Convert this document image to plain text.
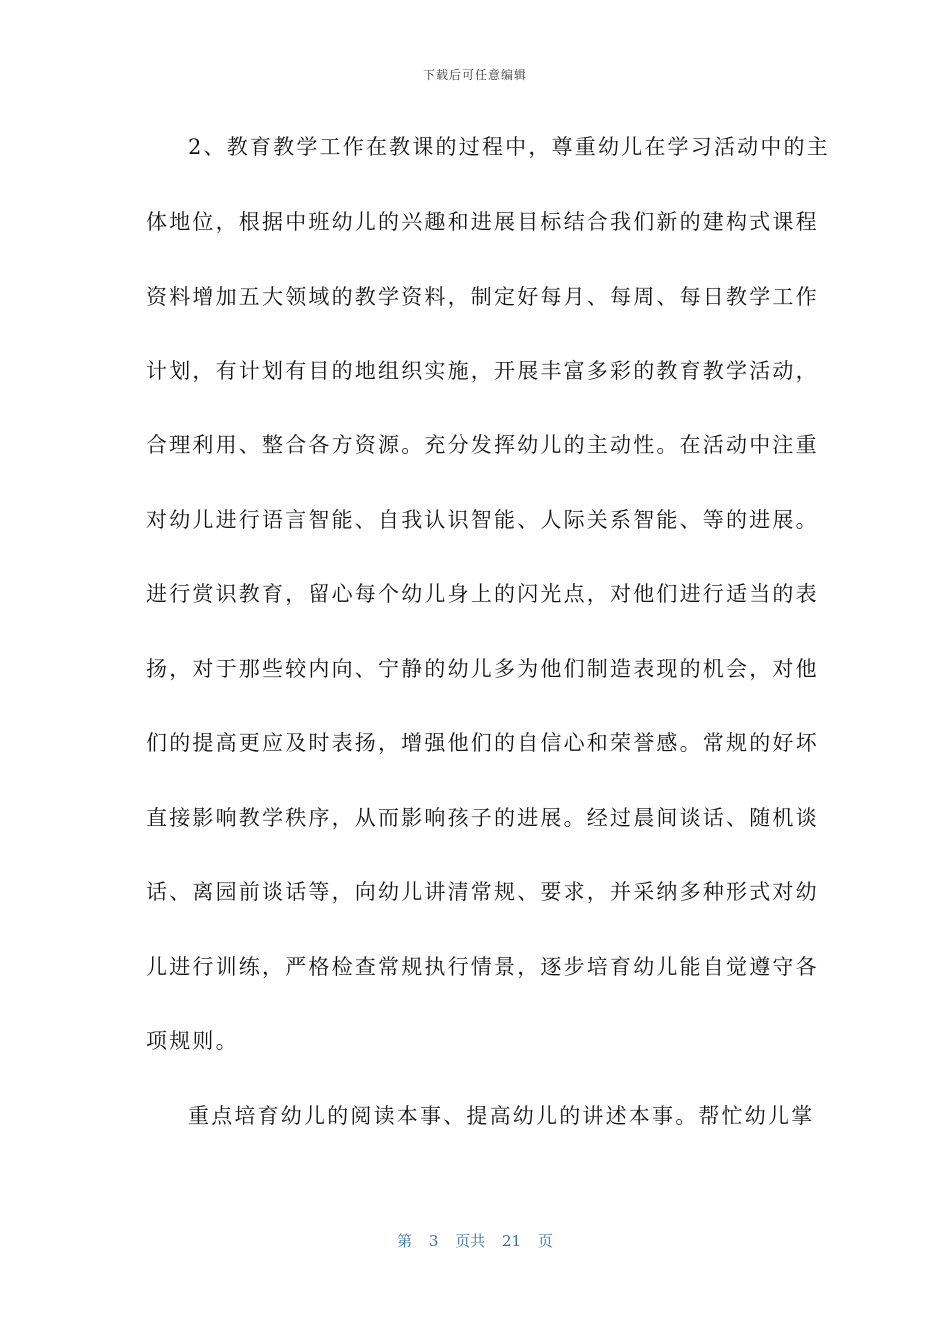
下载后可任意编辑
2、教育教学工作在教课的过程中，尊重幼儿在学习活动中的主
体地位，根据中班幼儿的兴趣和进展目标结合我们新的建构式课程
资料增加五大领域的教学资料，制定好每月、每周、每日教学工作
计划，有计划有目的地组织实施，开展丰富多彩的教育教学活动，
合理利用、整合各方资源。充分发挥幼儿的主动性。在活动中注重
对幼儿进行语言智能、自我认识智能、人际关系智能、等的进展。
进行赏识教育，留心每个幼儿身上的闪光点，对他们进行适当的表
扬，对于那些较内向、宁静的幼儿多为他们制造表现的机会，对他
们的提高更应及时表扬，增强他们的自信心和荣誉感。常规的好坏
直接影响教学秩序，从而影响孩子的进展。经过晨间谈话、随机谈
话、离园前谈话等，向幼儿讲清常规、要求，并采纳多种形式对幼
儿进行训练，严格检查常规执行情景，逐步培育幼儿能自觉遵守各
项规则。
重点培育幼儿的阅读本事、提高幼儿的讲述本事。帮忙幼儿掌
第 3 页共 21 页
